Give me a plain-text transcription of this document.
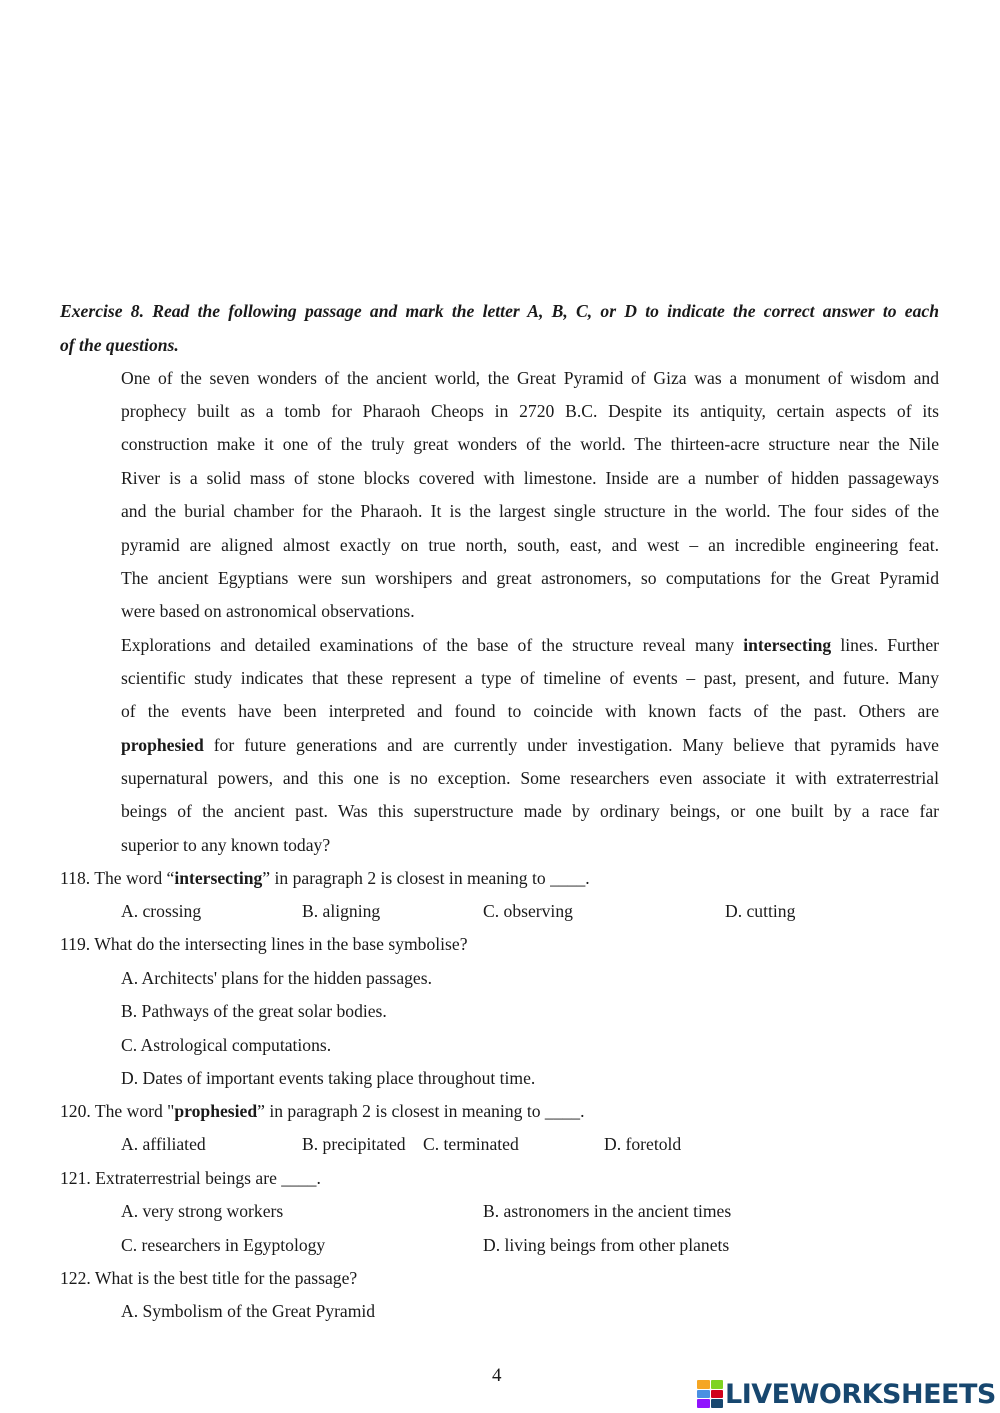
Exercise 8. Read the following passage and mark the letter A, B, C, or D to indicate the correct answer to each
of the questions.
One of the seven wonders of the ancient world, the Great Pyramid of Giza was a monument of wisdom and
prophecy built as a tomb for Pharaoh Cheops in 2720 B.C. Despite its antiquity, certain aspects of its
construction make it one of the truly great wonders of the world. The thirteen-acre structure near the Nile
River is a solid mass of stone blocks covered with limestone. Inside are a number of hidden passageways
and the burial chamber for the Pharaoh. It is the largest single structure in the world. The four sides of the
pyramid are aligned almost exactly on true north, south, east, and west – an incredible engineering feat.
The ancient Egyptians were sun worshipers and great astronomers, so computations for the Great Pyramid
were based on astronomical observations.
Explorations and detailed examinations of the base of the structure reveal many intersecting lines. Further
scientific study indicates that these represent a type of timeline of events – past, present, and future. Many
of the events have been interpreted and found to coincide with known facts of the past. Others are
prophesied for future generations and are currently under investigation. Many believe that pyramids have
supernatural powers, and this one is no exception. Some researchers even associate it with extraterrestrial
beings of the ancient past. Was this superstructure made by ordinary beings, or one built by a race far
superior to any known today?
118. The word “intersecting” in paragraph 2 is closest in meaning to ____.
A. crossing	B. aligning	C. observing	D. cutting
119. What do the intersecting lines in the base symbolise?
A. Architects' plans for the hidden passages.
B. Pathways of the great solar bodies.
C. Astrological computations.
D. Dates of important events taking place throughout time.
120. The word "prophesied” in paragraph 2 is closest in meaning to ____.
A. affiliated	B. precipitated C. terminated	D. foretold
121. Extraterrestrial beings are ____.
A. very strong workers	B. astronomers in the ancient times
C. researchers in Egyptology	D. living beings from other planets
122. What is the best title for the passage?
A. Symbolism of the Great Pyramid
4
LIVEWORKSHEETS
